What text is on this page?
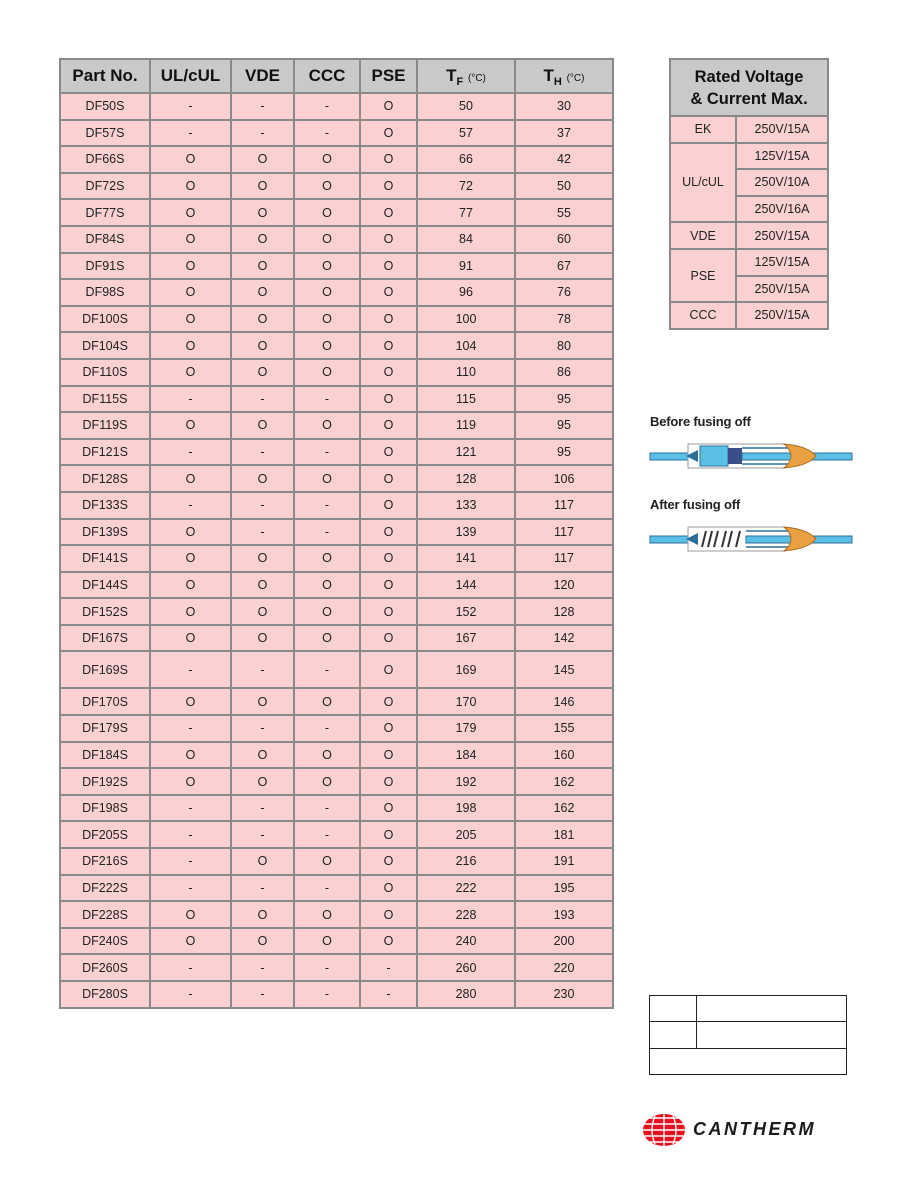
Part No.	UL/cUL	VDE	CCC	PSE	$T_F$ (°C)	$T_H$ (°C)
DF50S	-	-	-	O	50	30
DF57S	-	-	-	O	57	37
DF66S	O	O	O	O	66	42
DF72S	O	O	O	O	72	50
DF77S	O	O	O	O	77	55
DF84S	O	O	O	O	84	60
DF91S	O	O	O	O	91	67
DF98S	O	O	O	O	96	76
DF100S	O	O	O	O	100	78
DF104S	O	O	O	O	104	80
DF110S	O	O	O	O	110	86
DF115S	-	-	-	O	115	95
DF119S	O	O	O	O	119	95
DF121S	-	-	-	O	121	95
DF128S	O	O	O	O	128	106
DF133S	-	-	-	O	133	117
DF139S	O	-	-	O	139	117
DF141S	O	O	O	O	141	117
DF144S	O	O	O	O	144	120
DF152S	O	O	O	O	152	128
DF167S	O	O	O	O	167	142
DF169S	-	-	-	O	169	145
DF170S	O	O	O	O	170	146
DF179S	-	-	-	O	179	155
DF184S	O	O	O	O	184	160
DF192S	O	O	O	O	192	162
DF198S	-	-	-	O	198	162
DF205S	-	-	-	O	205	181
DF216S	-	O	O	O	216	191
DF222S	-	-	-	O	222	195
DF228S	O	O	O	O	228	193
DF240S	O	O	O	O	240	200
DF260S	-	-	-	-	260	220
DF280S	-	-	-	-	280	230
Rated Voltage
& Current Max.	
EK	250V/15A
UL/cUL	125V/15A
	250V/10A
	250V/16A
VDE	250V/15A
PSE	125V/15A
	250V/15A
CCC	250V/15A
Before fusing off
After fusing off
CANTHERM
